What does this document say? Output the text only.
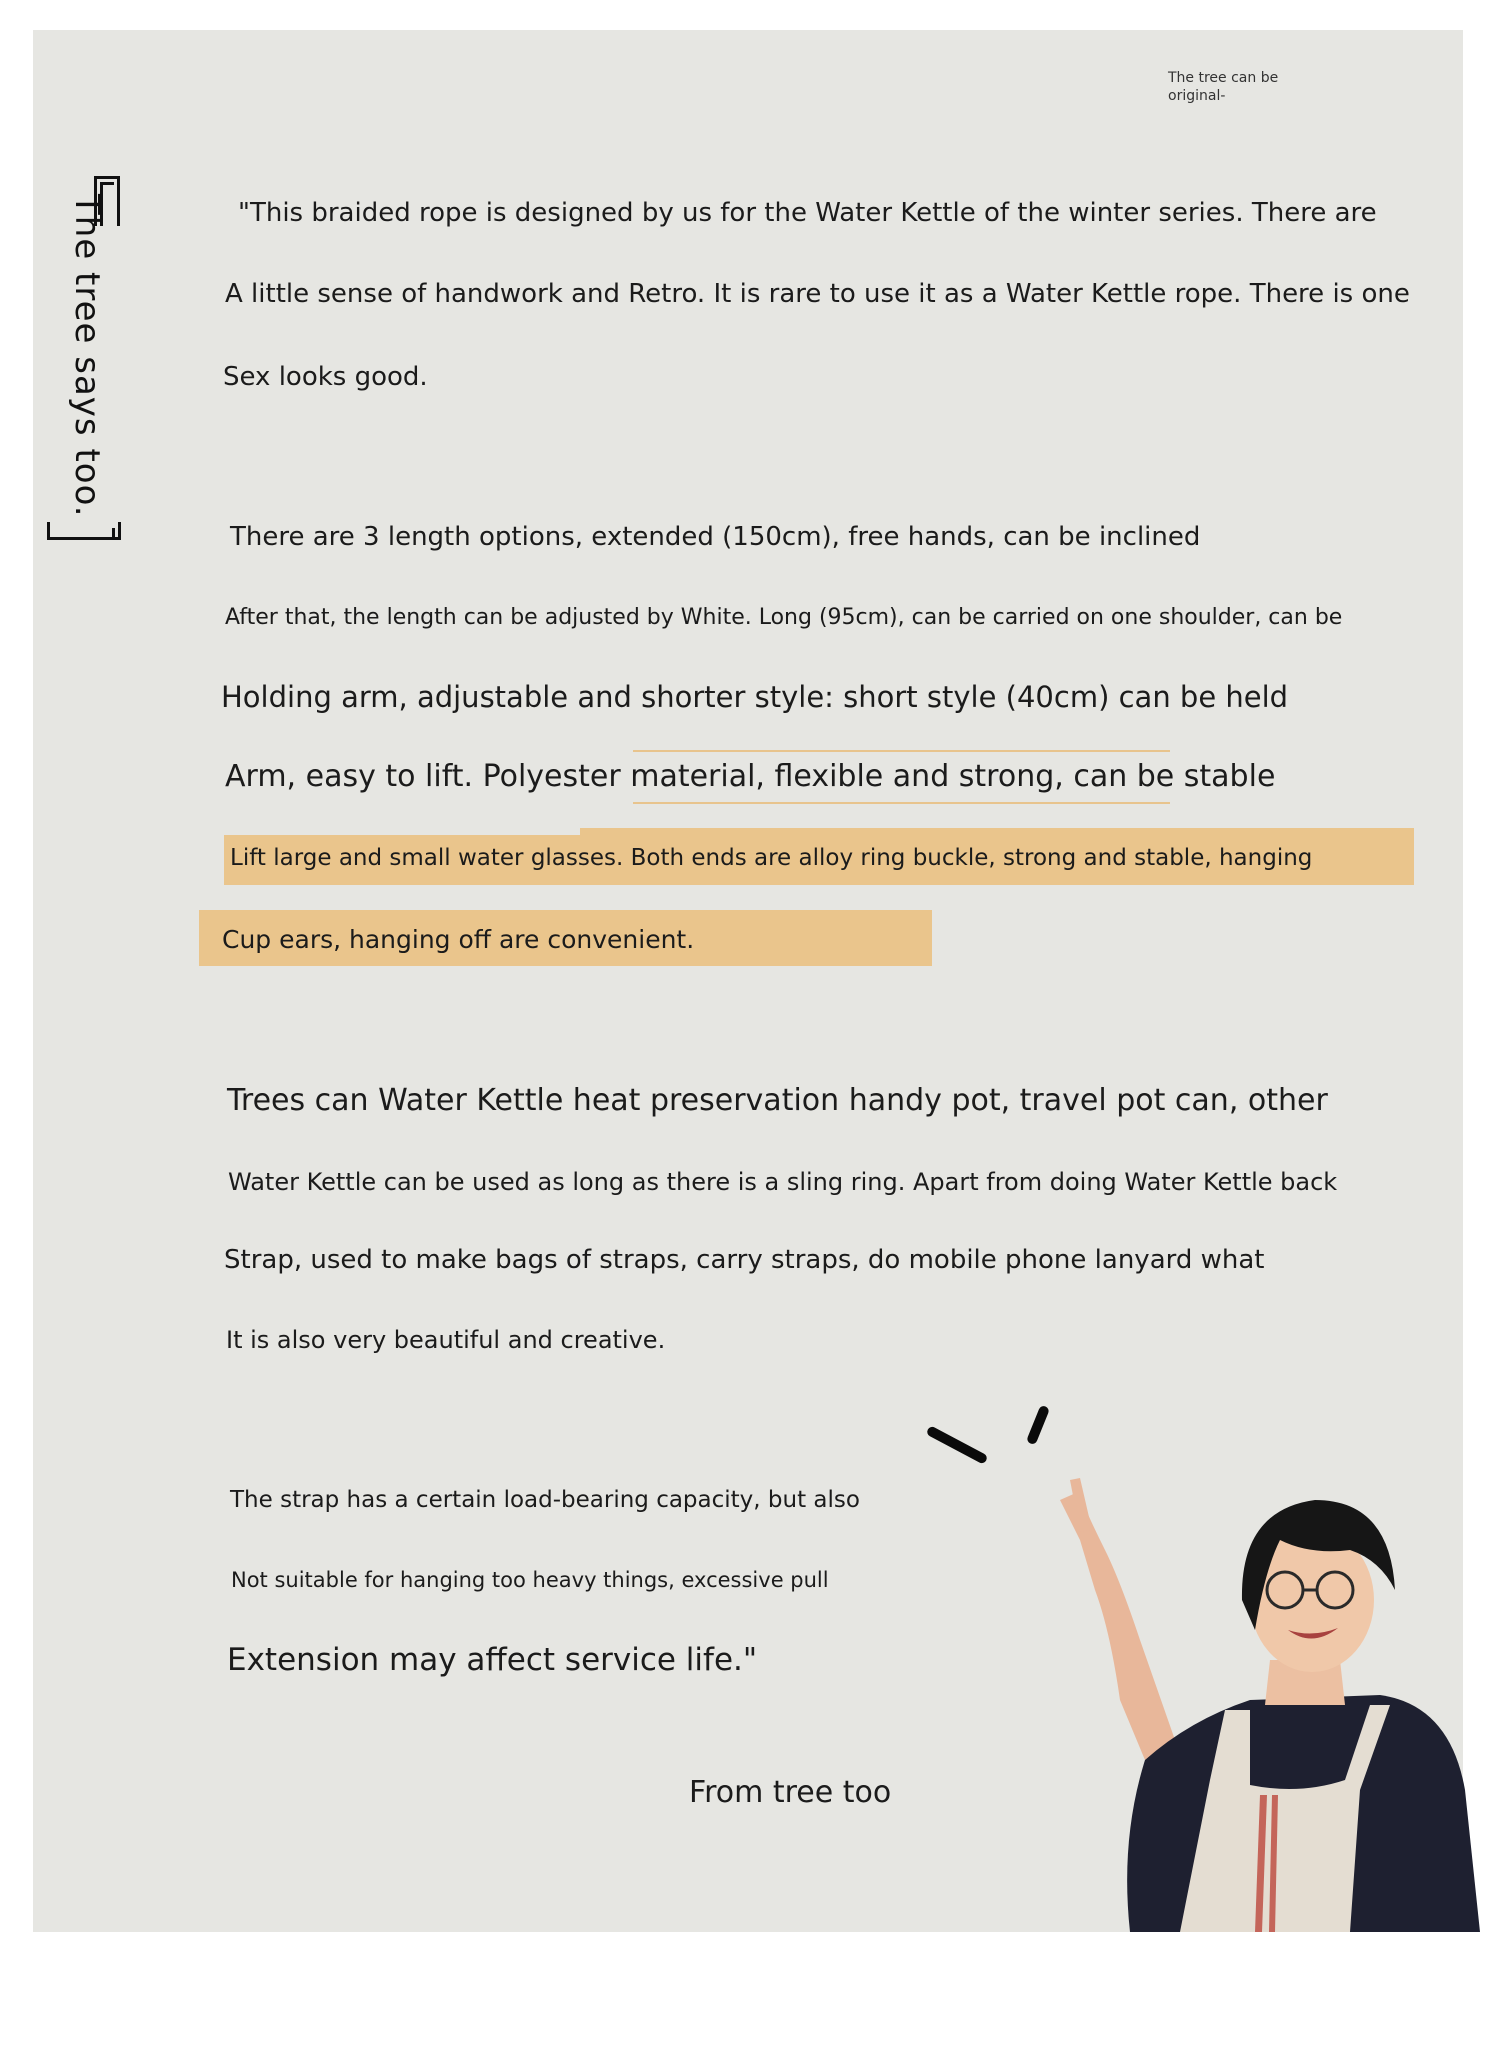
The tree can be
original-
The tree says too.	"This braided rope is designed by us for the Water Kettle of the winter series. There are
A little sense of handwork and Retro. It is rare to use it as a Water Kettle rope. There is one
Sex looks good.
There are 3 length options, extended (150cm), free hands, can be inclined
After that, the length can be adjusted by White. Long (95cm), can be carried on one shoulder, can be
Holding arm, adjustable and shorter style: short style (40cm) can be held
Arm, easy to lift. Polyester material, flexible and strong, can be stable
Lift large and small water glasses. Both ends are alloy ring buckle, strong and stable, hanging
Cup ears, hanging off are convenient.
Trees can Water Kettle heat preservation handy pot, travel pot can, other
Water Kettle can be used as long as there is a sling ring. Apart from doing Water Kettle back
Strap, used to make bags of straps, carry straps, do mobile phone lanyard what
It is also very beautiful and creative.
The strap has a certain load-bearing capacity, but also
Not suitable for hanging too heavy things, excessive pull
Extension may affect service life."
From tree too
